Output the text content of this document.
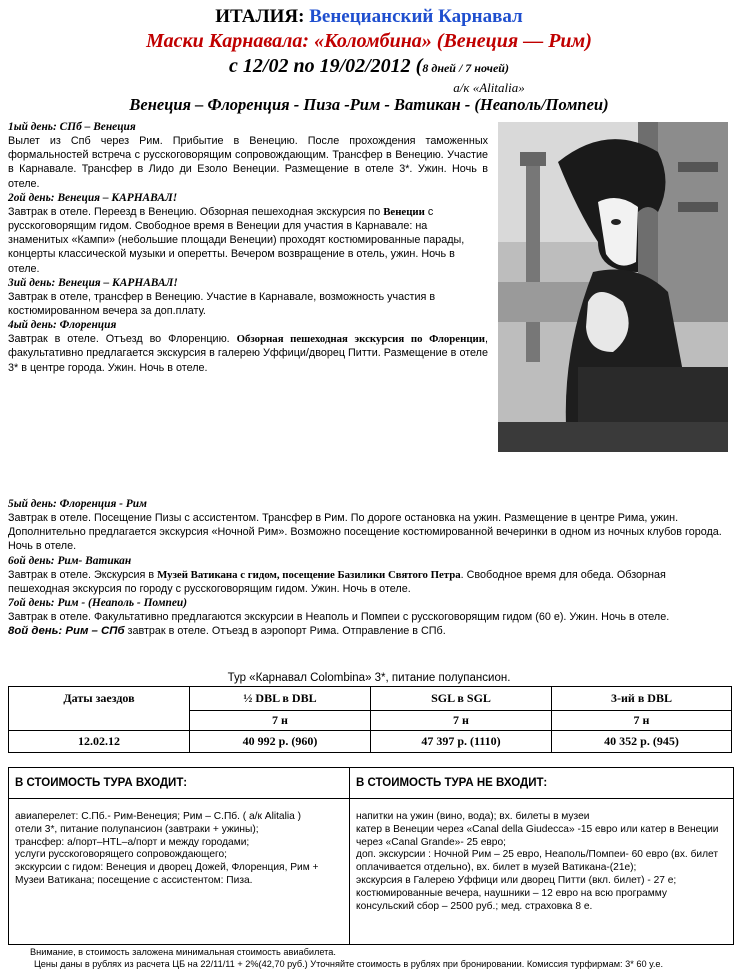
ИТАЛИЯ: Венецианский Карнавал
Маски Карнавала: «Коломбина» (Венеция — Рим)
с 12/02 по 19/02/2012 (8 дней / 7 ночей)
а/к «Alitalia»
Венеция – Флоренция - Пиза -Рим - Ватикан - (Неаполь/Помпеи)
1ый день: СПб – Венеция
Вылет из Спб через Рим. Прибытие в Венецию. После прохождения таможенных формальностей встреча с русскоговорящим сопровождающим. Трансфер в Венецию. Участие в Карнавале. Трансфер в Лидо ди Езоло Венеции. Размещение в отеле 3*. Ужин. Ночь в отеле.
2ой день: Венеция – КАРНАВАЛ!
Завтрак в отеле. Переезд в Венецию. Обзорная пешеходная экскурсия по Венеции с русскоговорящим гидом. Свободное время в Венеции для участия в Карнавале: на знаменитых «Кампи» (небольшие площади Венеции) проходят костюмированные парады, концерты классической музыки и оперетты. Вечером возвращение в отель, ужин. Ночь в отеле.
3ий день: Венеция – КАРНАВАЛ!
Завтрак в отеле, трансфер в Венецию. Участие в Карнавале, возможность участия в костюмированном вечера за доп.плату.
4ый день: Флоренция
Завтрак в отеле. Отъезд во Флоренцию. Обзорная пешеходная экскурсия по Флоренции, факультативно предлагается экскурсия в галерею Уффици/дворец Питти. Размещение в отеле 3* в центре города. Ужин. Ночь в отеле.
5ый день: Флоренция - Рим
Завтрак в отеле. Посещение Пизы с ассистентом. Трансфер в Рим. По дороге остановка на ужин. Размещение в центре Рима, ужин. Дополнительно предлагается экскурсия «Ночной Рим». Возможно посещение костюмированной вечеринки в одном из ночных клубов города. Ночь в отеле.
6ой день: Рим- Ватикан
Завтрак в отеле. Экскурсия в Музей Ватикана с гидом, посещение Базилики Святого Петра. Свободное время для обеда. Обзорная пешеходная экскурсия по городу с русскоговорящим гидом. Ужин. Ночь в отеле.
7ой день: Рим - (Неаполь - Помпеи)
Завтрак в отеле. Факультативно предлагаются экскурсии в Неаполь и Помпеи с русскоговорящим гидом (60 е). Ужин. Ночь в отеле.
8ой день: Рим – СПб завтрак в отеле. Отъезд в аэропорт Рима. Отправление в СПб.
Тур «Карнавал Colombina» 3*, питание полупансион.
Даты заездов	½ DBL в DBL	SGL в SGL	3-ий в DBL
	7 н	7 н	7 н
12.02.12	40 992 р. (960)	47 397 р. (1110)	40 352 р. (945)
В СТОИМОСТЬ ТУРА ВХОДИТ:
авиаперелет: С.Пб.- Рим-Венеция; Рим – С.Пб. ( а/к Alitalia )
отели 3*, питание полупансион (завтраки + ужины);
трансфер: а/порт–HTL–а/порт и между городами;
услуги русскоговорящего сопровождающего;
экскурсии с гидом: Венеция и дворец Дожей, Флоренция, Рим + Музеи Ватикана; посещение с ассистентом: Пиза.
В СТОИМОСТЬ ТУРА НЕ ВХОДИТ:
напитки на ужин (вино, вода); вх. билеты в музеи
катер в Венеции через «Canal della Giudecca» -15 евро или катер в Венеции через «Canal Grande»- 25 евро;
доп. экскурсии : Ночной Рим – 25 евро, Неаполь/Помпеи- 60 евро (вх. билет оплачивается отдельно), вх. билет в музей Ватикана-(21е);
экскурсия в Галерею Уффици или дворец Питти (вкл. билет) - 27 е;
костюмированные вечера, наушники – 12 евро на всю программу
консульский сбор – 2500 руб.; мед. страховка 8 е.
Внимание, в стоимость заложена минимальная стоимость авиабилета.
Цены даны в рублях из расчета ЦБ на 22/11/11 + 2%(42,70 руб.) Уточняйте стоимость в рублях при бронировании. Комиссия турфирмам: 3* 60 у.е.
